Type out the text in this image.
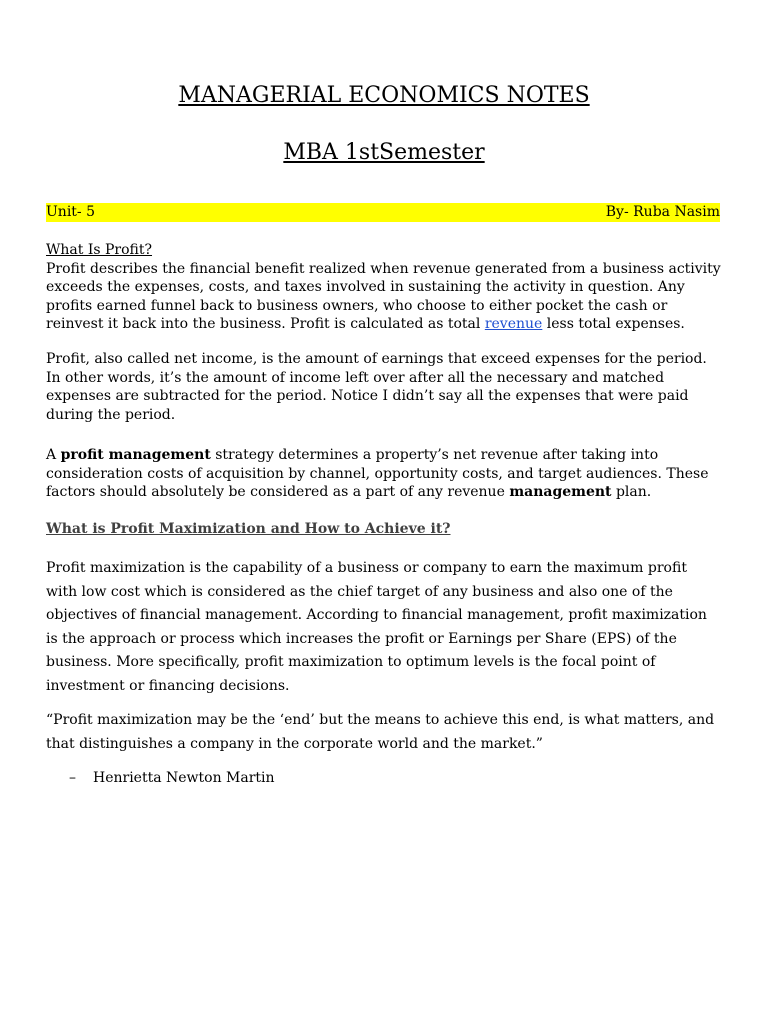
MANAGERIAL ECONOMICS NOTES
MBA 1stSemester
Unit- 5	By- Ruba Nasim

What Is Profit?
Profit describes the financial benefit realized when revenue generated from a business activity exceeds the expenses, costs, and taxes involved in sustaining the activity in question. Any profits earned funnel back to business owners, who choose to either pocket the cash or reinvest it back into the business. Profit is calculated as total revenue less total expenses.

Profit, also called net income, is the amount of earnings that exceed expenses for the period. In other words, it’s the amount of income left over after all the necessary and matched expenses are subtracted for the period. Notice I didn’t say all the expenses that were paid during the period.

A profit management strategy determines a property’s net revenue after taking into consideration costs of acquisition by channel, opportunity costs, and target audiences. These factors should absolutely be considered as a part of any revenue management plan.

What is Profit Maximization and How to Achieve it?

Profit maximization is the capability of a business or company to earn the maximum profit with low cost which is considered as the chief target of any business and also one of the objectives of financial management. According to financial management, profit maximization is the approach or process which increases the profit or Earnings per Share (EPS) of the business. More specifically, profit maximization to optimum levels is the focal point of investment or financing decisions.

“Profit maximization may be the ‘end’ but the means to achieve this end, is what matters, and that distinguishes a company in the corporate world and the market.”

– Henrietta Newton Martin
